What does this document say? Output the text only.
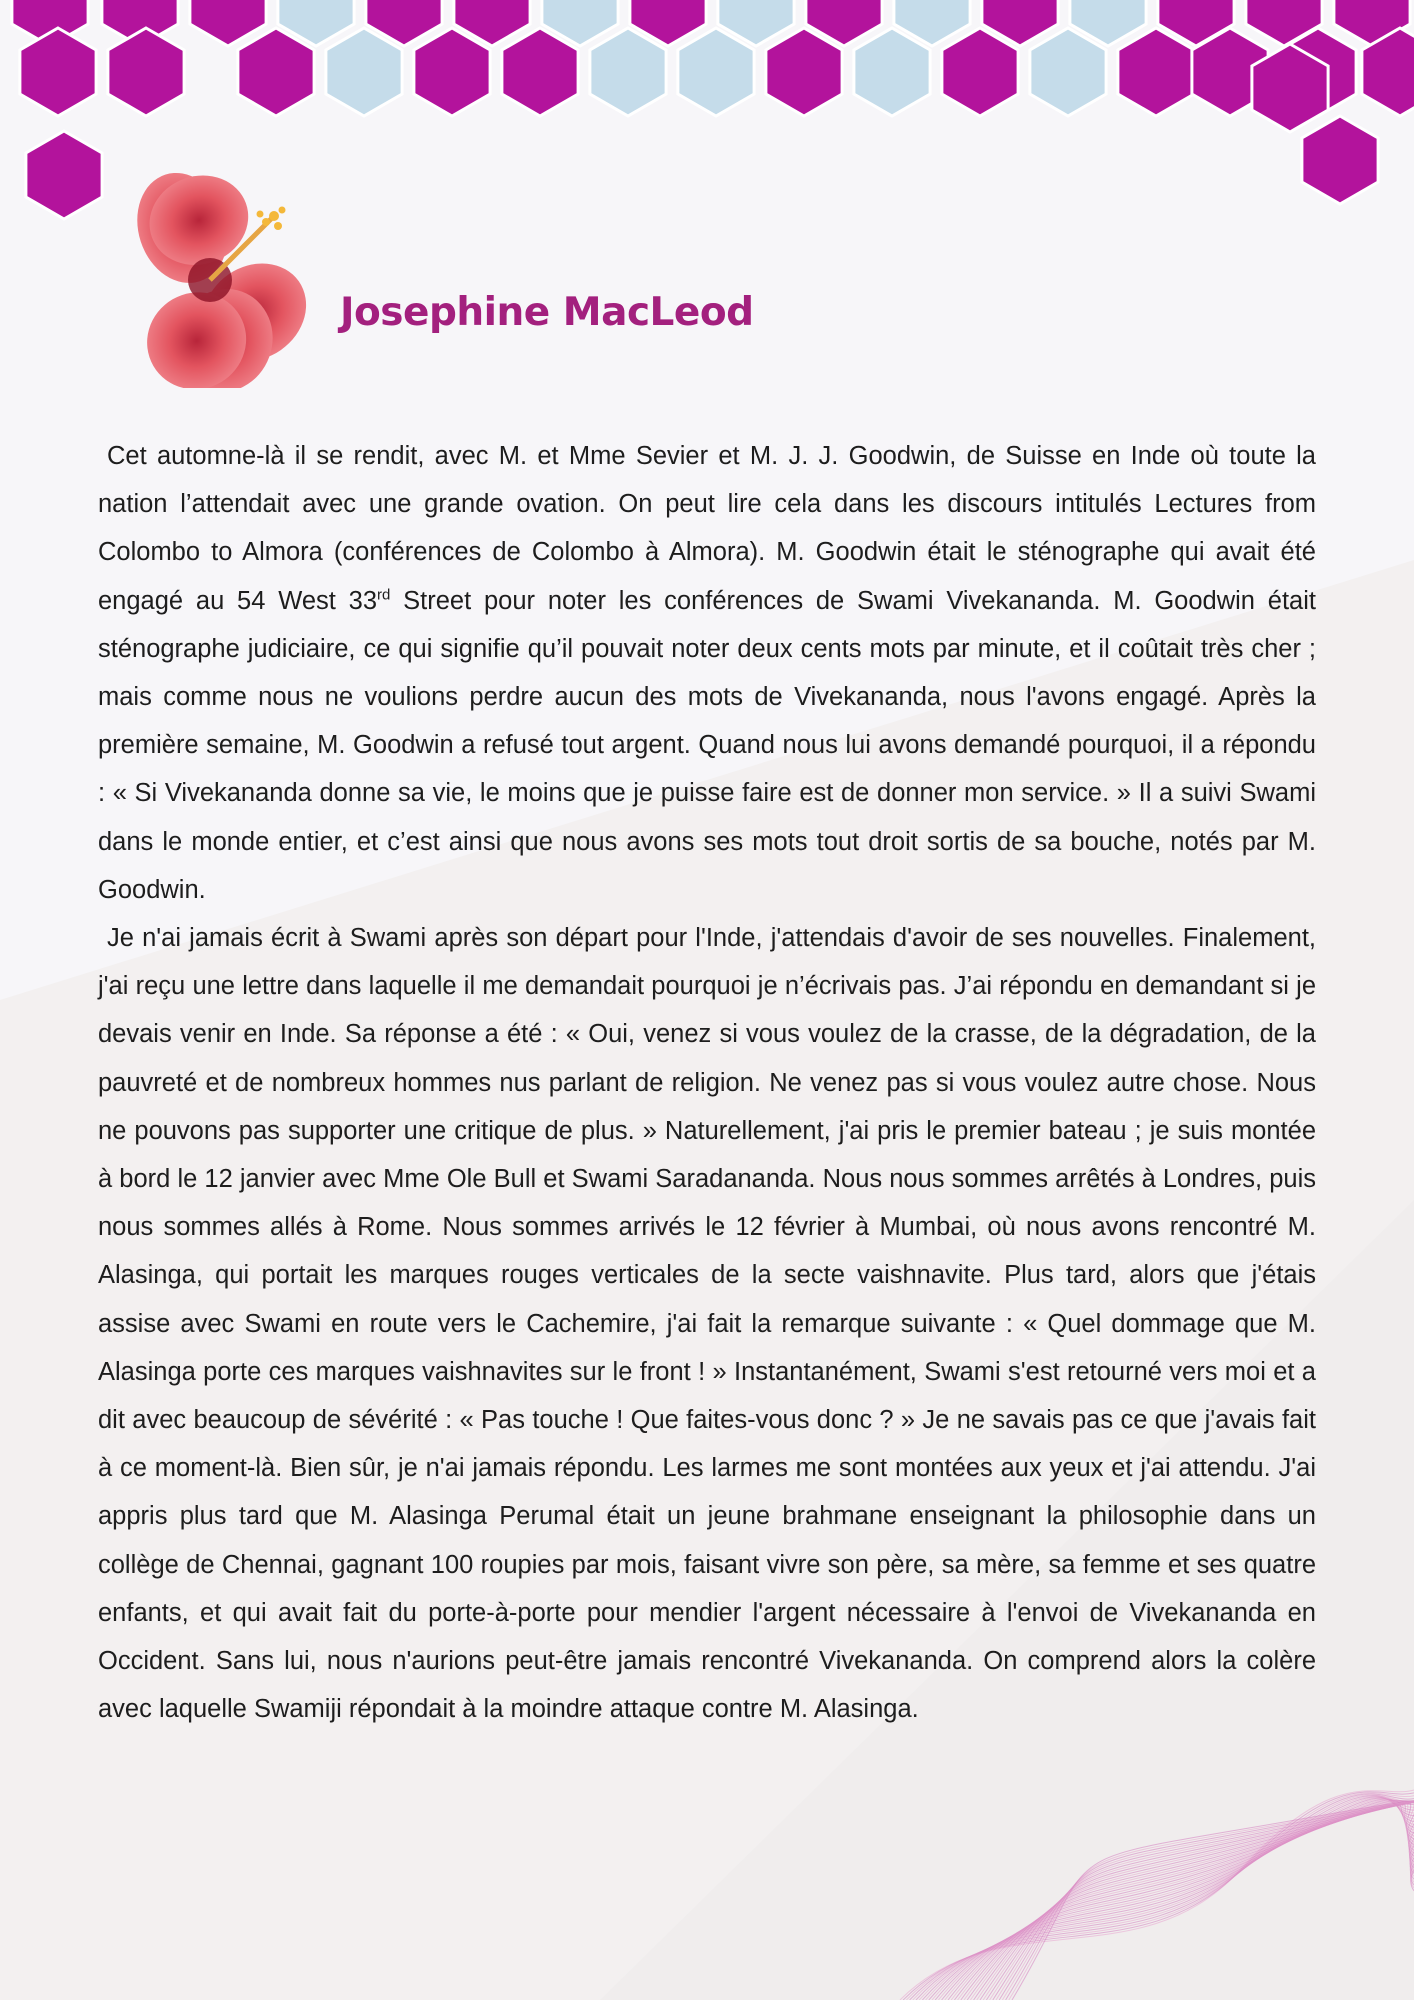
Josephine MacLeod

Cet automne-là il se rendit, avec M. et Mme Sevier et M. J. J. Goodwin, de Suisse en Inde où toute la nation l’attendait avec une grande ovation. On peut lire cela dans les discours intitulés Lectures from Colombo to Almora (conférences de Colombo à Almora). M. Goodwin était le sténographe qui avait été engagé au 54 West 33rd Street pour noter les conférences de Swami Vivekananda. M. Goodwin était sténographe judiciaire, ce qui signifie qu’il pouvait noter deux cents mots par minute, et il coûtait très cher ; mais comme nous ne voulions perdre aucun des mots de Vivekananda, nous l'avons engagé. Après la première semaine, M. Goodwin a refusé tout argent. Quand nous lui avons demandé pourquoi, il a répondu : « Si Vivekananda donne sa vie, le moins que je puisse faire est de donner mon service. » Il a suivi Swami dans le monde entier, et c’est ainsi que nous avons ses mots tout droit sortis de sa bouche, notés par M. Goodwin.

Je n'ai jamais écrit à Swami après son départ pour l'Inde, j'attendais d'avoir de ses nouvelles. Finalement, j'ai reçu une lettre dans laquelle il me demandait pourquoi je n’écrivais pas. J’ai répondu en demandant si je devais venir en Inde. Sa réponse a été : « Oui, venez si vous voulez de la crasse, de la dégradation, de la pauvreté et de nombreux hommes nus parlant de religion. Ne venez pas si vous voulez autre chose. Nous ne pouvons pas supporter une critique de plus. » Naturellement, j'ai pris le premier bateau ; je suis montée à bord le 12 janvier avec Mme Ole Bull et Swami Saradananda. Nous nous sommes arrêtés à Londres, puis nous sommes allés à Rome. Nous sommes arrivés le 12 février à Mumbai, où nous avons rencontré M. Alasinga, qui portait les marques rouges verticales de la secte vaishnavite. Plus tard, alors que j'étais assise avec Swami en route vers le Cachemire, j'ai fait la remarque suivante : « Quel dommage que M. Alasinga porte ces marques vaishnavites sur le front ! » Instantanément, Swami s'est retourné vers moi et a dit avec beaucoup de sévérité : « Pas touche ! Que faites-vous donc ? » Je ne savais pas ce que j'avais fait à ce moment-là. Bien sûr, je n'ai jamais répondu. Les larmes me sont montées aux yeux et j'ai attendu. J'ai appris plus tard que M. Alasinga Perumal était un jeune brahmane enseignant la philosophie dans un collège de Chennai, gagnant 100 roupies par mois, faisant vivre son père, sa mère, sa femme et ses quatre enfants, et qui avait fait du porte-à-porte pour mendier l'argent nécessaire à l'envoi de Vivekananda en Occident. Sans lui, nous n'aurions peut-être jamais rencontré Vivekananda. On comprend alors la colère avec laquelle Swamiji répondait à la moindre attaque contre M. Alasinga.
